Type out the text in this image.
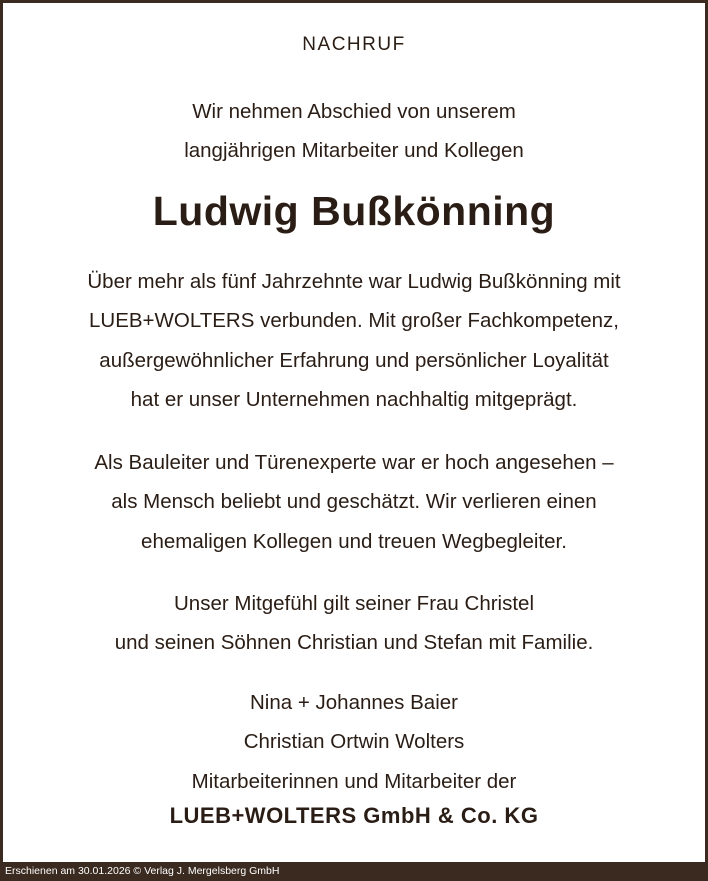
NACHRUF
Wir nehmen Abschied von unserem
langjährigen Mitarbeiter und Kollegen
Ludwig Bußkönning
Über mehr als fünf Jahrzehnte war Ludwig Bußkönning mit
LUEB+WOLTERS verbunden. Mit großer Fachkompetenz,
außergewöhnlicher Erfahrung und persönlicher Loyalität
hat er unser Unternehmen nachhaltig mitgeprägt.
Als Bauleiter und Türenexperte war er hoch angesehen –
als Mensch beliebt und geschätzt. Wir verlieren einen
ehemaligen Kollegen und treuen Wegbegleiter.
Unser Mitgefühl gilt seiner Frau Christel
und seinen Söhnen Christian und Stefan mit Familie.
Nina + Johannes Baier
Christian Ortwin Wolters
Mitarbeiterinnen und Mitarbeiter der
LUEB+WOLTERS GmbH & Co. KG
Erschienen am 30.01.2026 © Verlag J. Mergelsberg GmbH
